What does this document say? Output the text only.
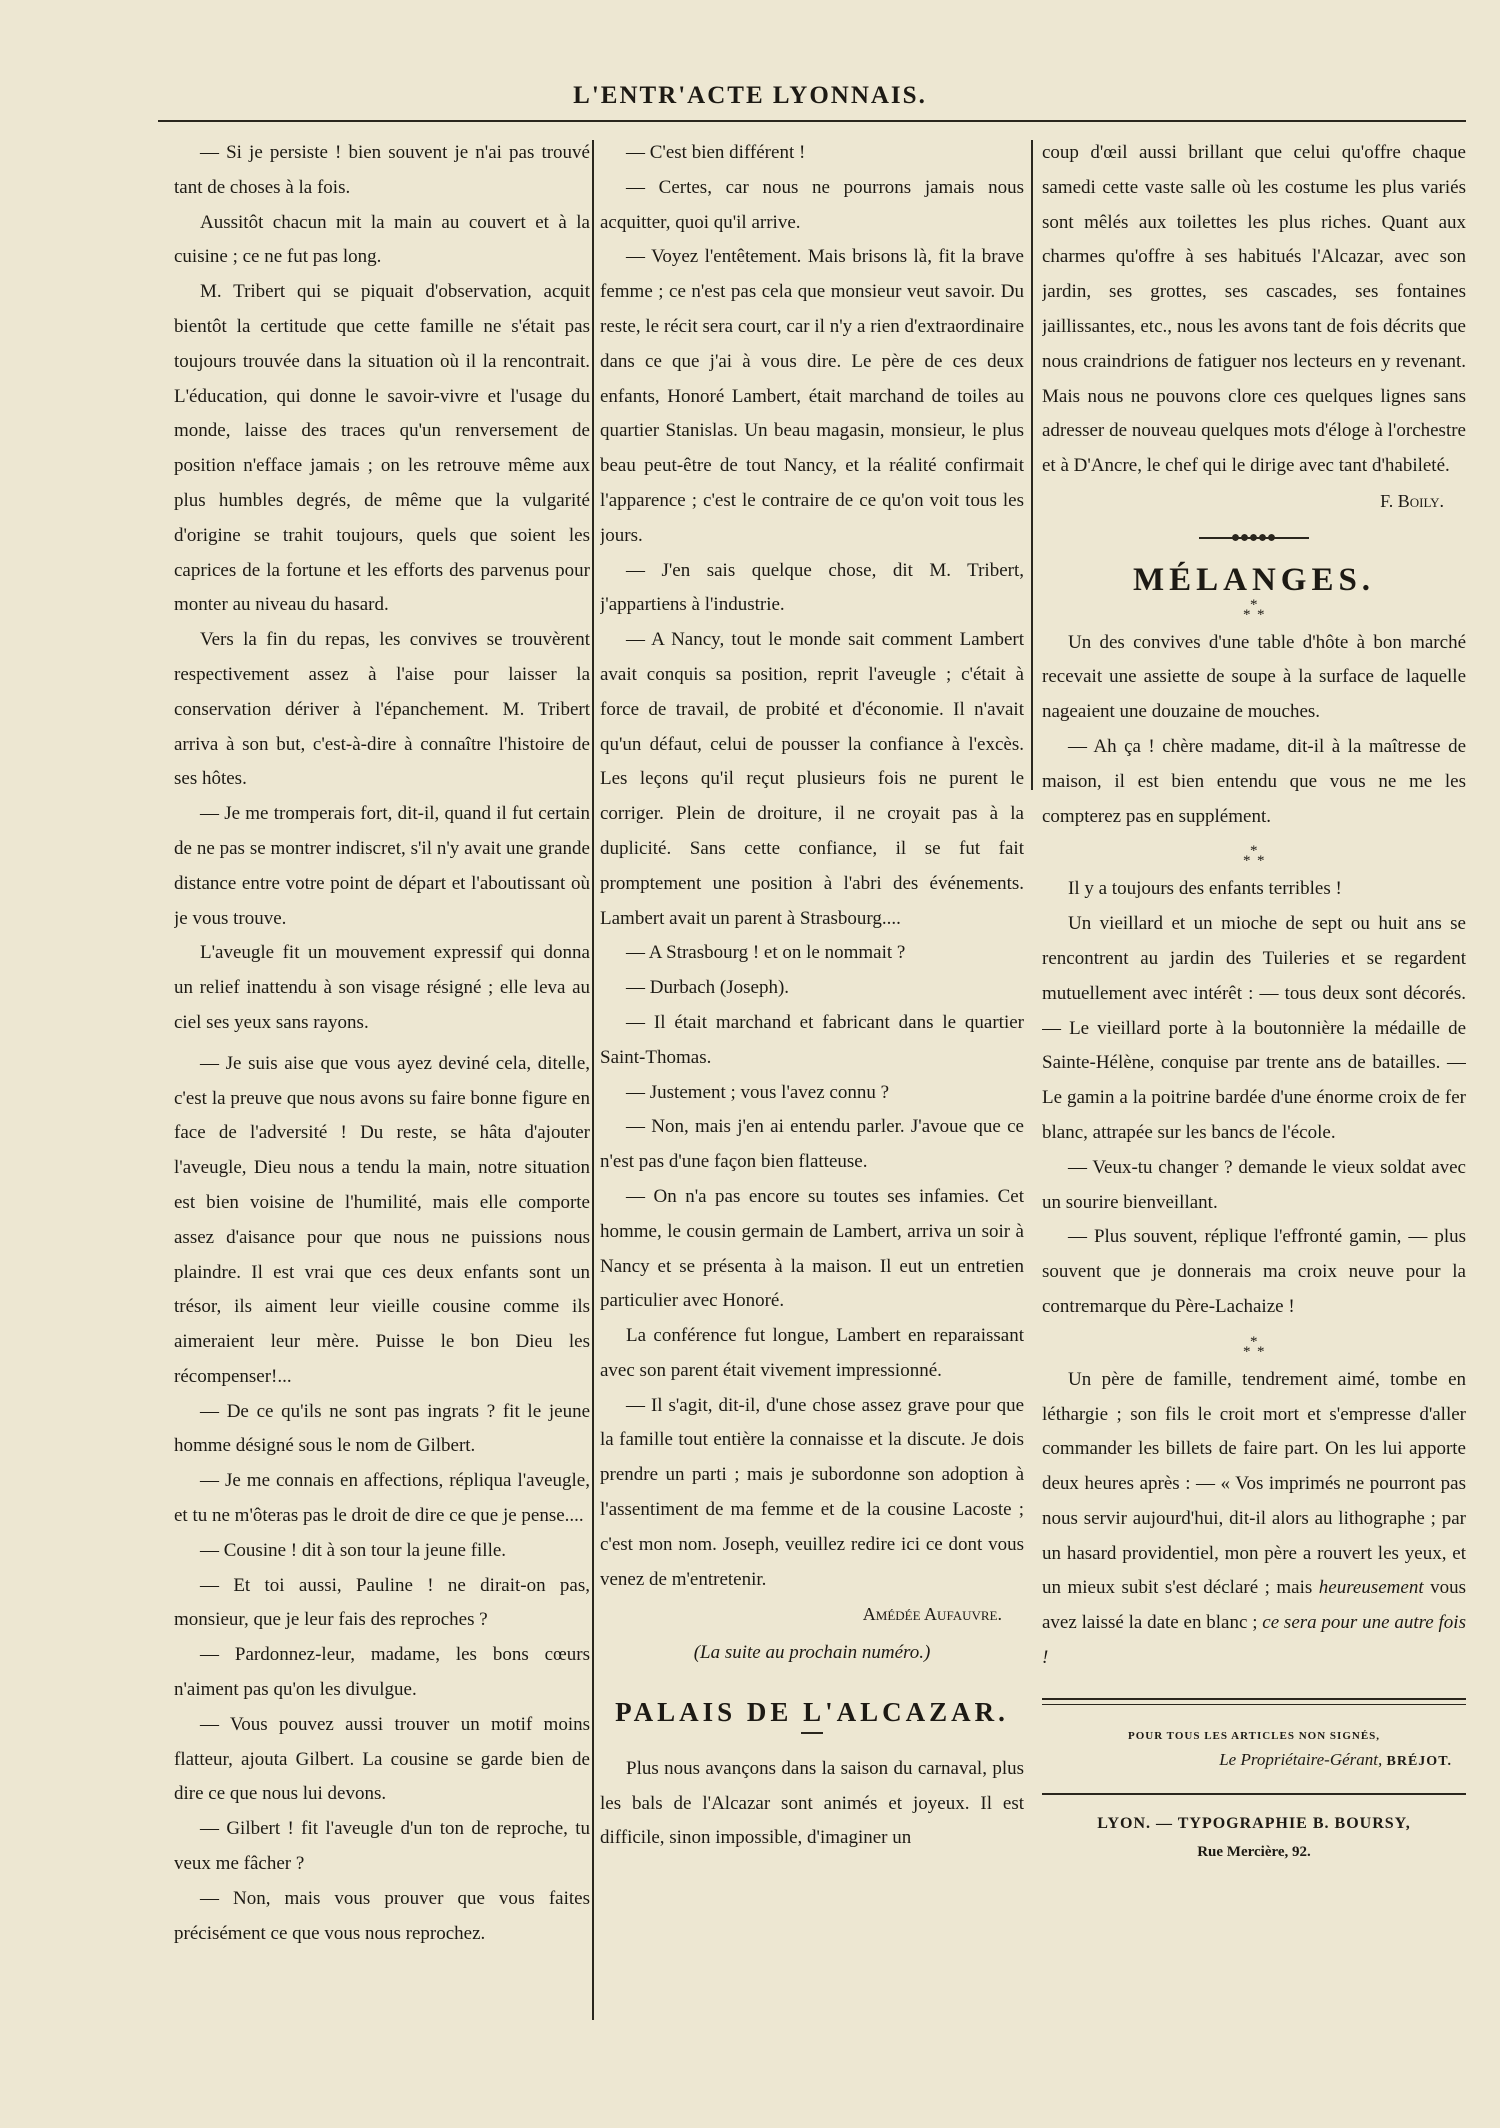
L'ENTR'ACTE LYONNAIS.

— Si je persiste ! bien souvent je n'ai pas trouvé tant de choses à la fois.

Aussitôt chacun mit la main au couvert et à la cuisine ; ce ne fut pas long.

M. Tribert qui se piquait d'observation, acquit bientôt la certitude que cette famille ne s'était pas toujours trouvée dans la situation où il la rencontrait. L'éducation, qui donne le savoir-vivre et l'usage du monde, laisse des traces qu'un renversement de position n'efface jamais ; on les retrouve même aux plus humbles degrés, de même que la vulgarité d'origine se trahit toujours, quels que soient les caprices de la fortune et les efforts des parvenus pour monter au niveau du hasard.

Vers la fin du repas, les convives se trouvèrent respectivement assez à l'aise pour laisser la conservation dériver à l'épanchement. M. Tribert arriva à son but, c'est-à-dire à connaître l'histoire de ses hôtes.

— Je me tromperais fort, dit-il, quand il fut certain de ne pas se montrer indiscret, s'il n'y avait une grande distance entre votre point de départ et l'aboutissant où je vous trouve.

L'aveugle fit un mouvement expressif qui donna un relief inattendu à son visage résigné ; elle leva au ciel ses yeux sans rayons.

— Je suis aise que vous ayez deviné cela, ditelle, c'est la preuve que nous avons su faire bonne figure en face de l'adversité ! Du reste, se hâta d'ajouter l'aveugle, Dieu nous a tendu la main, notre situation est bien voisine de l'humilité, mais elle comporte assez d'aisance pour que nous ne puissions nous plaindre. Il est vrai que ces deux enfants sont un trésor, ils aiment leur vieille cousine comme ils aimeraient leur mère. Puisse le bon Dieu les récompenser!...

— De ce qu'ils ne sont pas ingrats ? fit le jeune homme désigné sous le nom de Gilbert.

— Je me connais en affections, répliqua l'aveugle, et tu ne m'ôteras pas le droit de dire ce que je pense....

— Cousine ! dit à son tour la jeune fille.

— Et toi aussi, Pauline ! ne dirait-on pas, monsieur, que je leur fais des reproches ?

— Pardonnez-leur, madame, les bons cœurs n'aiment pas qu'on les divulgue.

— Vous pouvez aussi trouver un motif moins flatteur, ajouta Gilbert. La cousine se garde bien de dire ce que nous lui devons.

— Gilbert ! fit l'aveugle d'un ton de reproche, tu veux me fâcher ?

— Non, mais vous prouver que vous faites précisément ce que vous nous reprochez.

— C'est bien différent !

— Certes, car nous ne pourrons jamais nous acquitter, quoi qu'il arrive.

— Voyez l'entêtement. Mais brisons là, fit la brave femme ; ce n'est pas cela que monsieur veut savoir. Du reste, le récit sera court, car il n'y a rien d'extraordinaire dans ce que j'ai à vous dire. Le père de ces deux enfants, Honoré Lambert, était marchand de toiles au quartier Stanislas. Un beau magasin, monsieur, le plus beau peut-être de tout Nancy, et la réalité confirmait l'apparence ; c'est le contraire de ce qu'on voit tous les jours.

— J'en sais quelque chose, dit M. Tribert, j'appartiens à l'industrie.

— A Nancy, tout le monde sait comment Lambert avait conquis sa position, reprit l'aveugle ; c'était à force de travail, de probité et d'économie. Il n'avait qu'un défaut, celui de pousser la confiance à l'excès. Les leçons qu'il reçut plusieurs fois ne purent le corriger. Plein de droiture, il ne croyait pas à la duplicité. Sans cette confiance, il se fut fait promptement une position à l'abri des événements. Lambert avait un parent à Strasbourg....

— A Strasbourg ! et on le nommait ?

— Durbach (Joseph).

— Il était marchand et fabricant dans le quartier Saint-Thomas.

— Justement ; vous l'avez connu ?

— Non, mais j'en ai entendu parler. J'avoue que ce n'est pas d'une façon bien flatteuse.

— On n'a pas encore su toutes ses infamies. Cet homme, le cousin germain de Lambert, arriva un soir à Nancy et se présenta à la maison. Il eut un entretien particulier avec Honoré.

La conférence fut longue, Lambert en reparaissant avec son parent était vivement impressionné.

— Il s'agit, dit-il, d'une chose assez grave pour que la famille tout entière la connaisse et la discute. Je dois prendre un parti ; mais je subordonne son adoption à l'assentiment de ma femme et de la cousine Lacoste ; c'est mon nom. Joseph, veuillez redire ici ce dont vous venez de m'entretenir.

Amédée Aufauvre.
(La suite au prochain numéro.)
PALAIS DE L'ALCAZAR.

Plus nous avançons dans la saison du carnaval, plus les bals de l'Alcazar sont animés et joyeux. Il est difficile, sinon impossible, d'imaginer un

coup d'œil aussi brillant que celui qu'offre chaque samedi cette vaste salle où les costume les plus variés sont mêlés aux toilettes les plus riches. Quant aux charmes qu'offre à ses habitués l'Alcazar, avec son jardin, ses grottes, ses cascades, ses fontaines jaillissantes, etc., nous les avons tant de fois décrits que nous craindrions de fatiguer nos lecteurs en y revenant. Mais nous ne pouvons clore ces quelques lignes sans adresser de nouveau quelques mots d'éloge à l'orchestre et à D'Ancre, le chef qui le dirige avec tant d'habileté.

F. Boily.
MÉLANGES.
*
* *

Un des convives d'une table d'hôte à bon marché recevait une assiette de soupe à la surface de laquelle nageaient une douzaine de mouches.

— Ah ça ! chère madame, dit-il à la maîtresse de maison, il est bien entendu que vous ne me les compterez pas en supplément.

*
* *

Il y a toujours des enfants terribles !

Un vieillard et un mioche de sept ou huit ans se rencontrent au jardin des Tuileries et se regardent mutuellement avec intérêt : — tous deux sont décorés. — Le vieillard porte à la boutonnière la médaille de Sainte-Hélène, conquise par trente ans de batailles. — Le gamin a la poitrine bardée d'une énorme croix de fer blanc, attrapée sur les bancs de l'école.

— Veux-tu changer ? demande le vieux soldat avec un sourire bienveillant.

— Plus souvent, réplique l'effronté gamin, — plus souvent que je donnerais ma croix neuve pour la contremarque du Père-Lachaize !

*
* *

Un père de famille, tendrement aimé, tombe en léthargie ; son fils le croit mort et s'empresse d'aller commander les billets de faire part. On les lui apporte deux heures après : — « Vos imprimés ne pourront pas nous servir aujourd'hui, dit-il alors au lithographe ; par un hasard providentiel, mon père a rouvert les yeux, et un mieux subit s'est déclaré ; mais heureusement vous avez laissé la date en blanc ; ce sera pour une autre fois !

POUR TOUS LES ARTICLES NON SIGNÉS,
Le Propriétaire-Gérant, BRÉJOT.
LYON. — TYPOGRAPHIE B. BOURSY,
Rue Mercière, 92.
